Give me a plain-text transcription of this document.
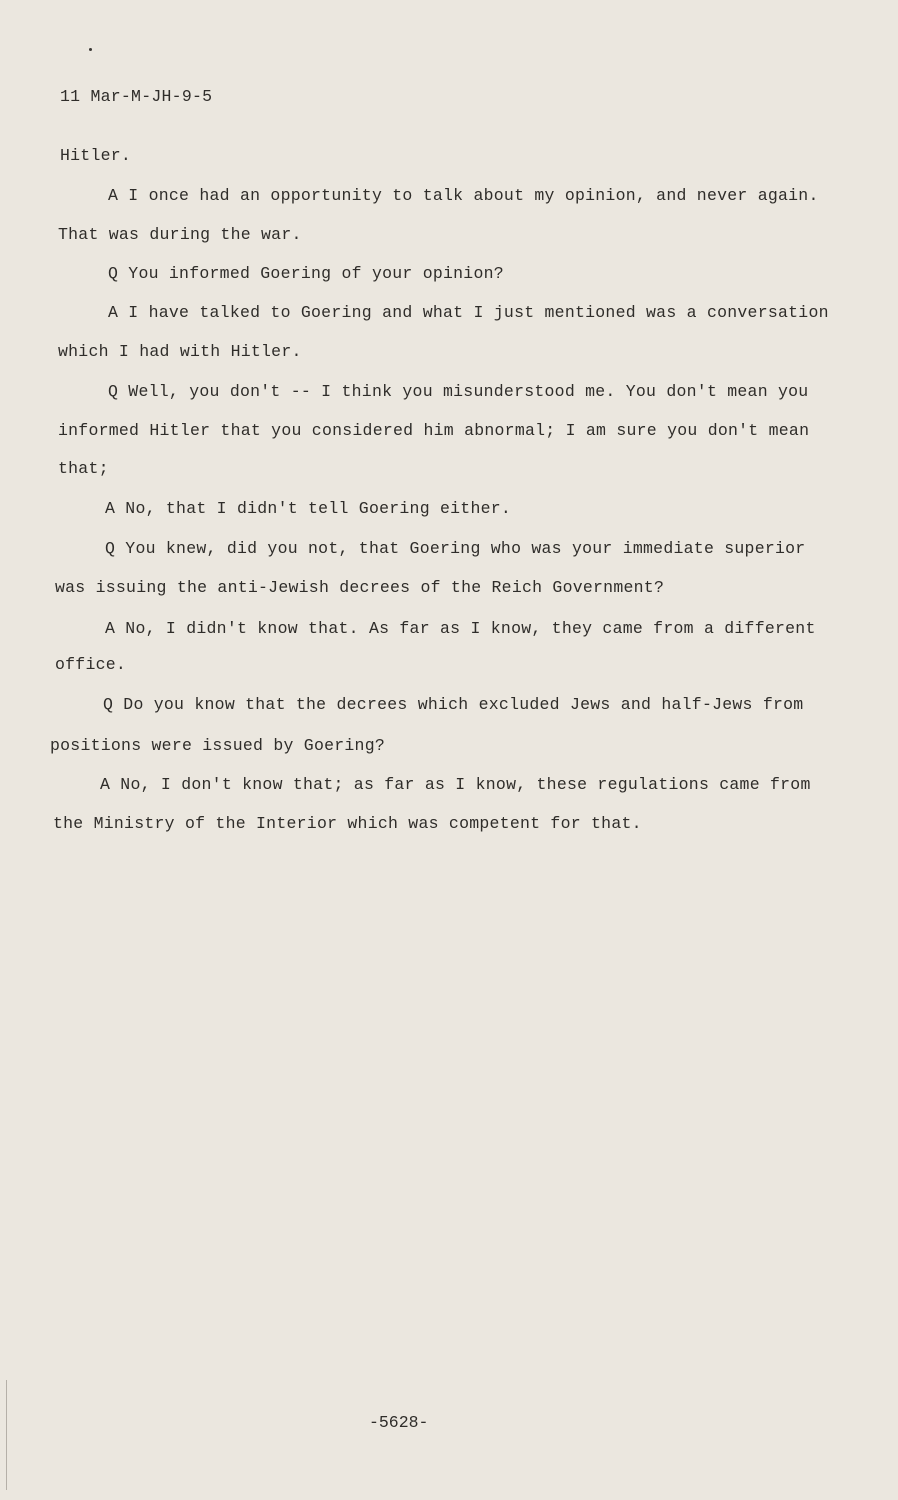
11 Mar-M-JH-9-5
Hitler.
A I once had an opportunity to talk about my opinion, and never again.
That was during the war.
Q You informed Goering of your opinion?
A I have talked to Goering and what I just mentioned was a conversation
which I had with Hitler.
Q Well, you don't -- I think you misunderstood me. You don't mean you
informed Hitler that you considered him abnormal; I am sure you don't mean
that;
A No, that I didn't tell Goering either.
Q You knew, did you not, that Goering who was your immediate superior
was issuing the anti-Jewish decrees of the Reich Government?
A No, I didn't know that. As far as I know, they came from a different
office.
Q Do you know that the decrees which excluded Jews and half-Jews from
positions were issued by Goering?
A No, I don't know that; as far as I know, these regulations came from
the Ministry of the Interior which was competent for that.
-5628-
